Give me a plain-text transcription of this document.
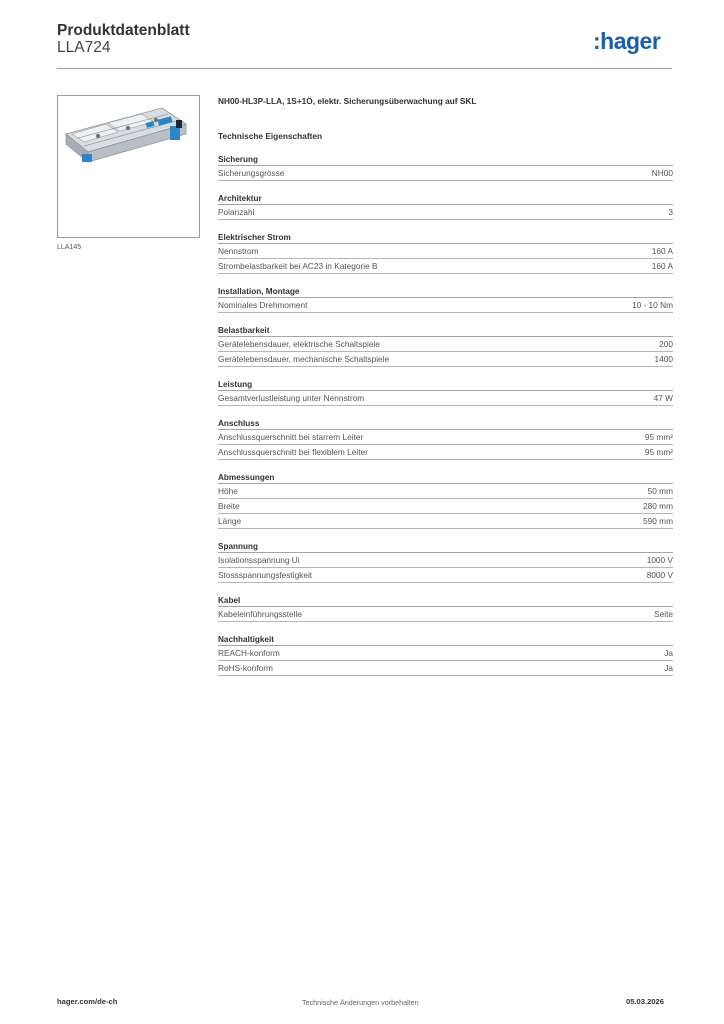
Produktdatenblatt
LLA724	:hager
LLA145
NH00-HL3P-LLA, 1S+1Ö, elektr. Sicherungsüberwachung auf SKL
Technische Eigenschaften
Sicherung
Sicherungsgrösse	NH00
Architektur
Polanzahl	3
Elektrischer Strom
Nennstrom	160 A
Strombelastbarkeit bei AC23 in Kategorie B	160 A
Installation, Montage
Nominales Drehmoment	10 - 10 Nm
Belastbarkeit
Gerätelebensdauer, elektrische Schaltspiele	200
Gerätelebensdauer, mechanische Schaltspiele	1400
Leistung
Gesamtverlustleistung unter Nennstrom	47 W
Anschluss
Anschlussquerschnitt bei starrem Leiter	95 mm²
Anschlussquerschnitt bei flexiblem Leiter	95 mm²
Abmessungen
Höhe	50 mm
Breite	280 mm
Länge	590 mm
Spannung
Isolationsspannung Ui	1000 V
Stossspannungsfestigkeit	8000 V
Kabel
Kabeleinführungsstelle	Seite
Nachhaltigkeit
REACH-konform	Ja
RoHS-konform	Ja
hager.com/de-ch	Technische Änderungen vorbehalten	05.03.2026
